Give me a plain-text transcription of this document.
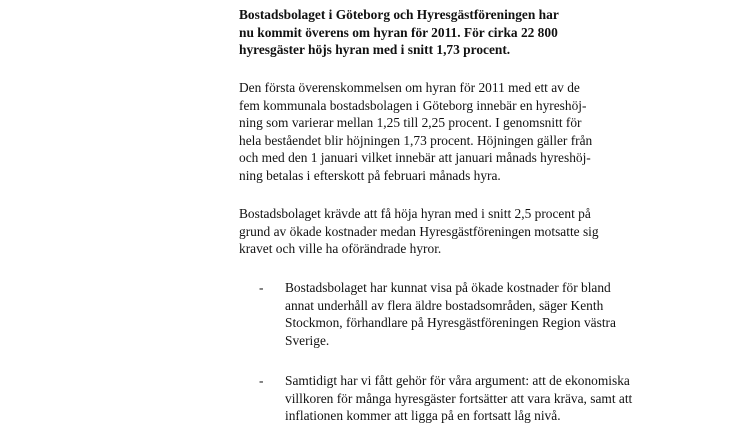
Bostadsbolaget i Göteborg och Hyresgästföreningen har
nu kommit överens om hyran för 2011. För cirka 22 800
hyresgäster höjs hyran med i snitt 1,73 procent.
Den första överenskommelsen om hyran för 2011 med ett av de
fem kommunala bostadsbolagen i Göteborg innebär en hyreshöj-
ning som varierar mellan 1,25 till 2,25 procent. I genomsnitt för
hela beståendet blir höjningen 1,73 procent. Höjningen gäller från
och med den 1 januari vilket innebär att januari månads hyreshöj-
ning betalas i efterskott på februari månads hyra.
Bostadsbolaget krävde att få höja hyran med i snitt 2,5 procent på
grund av ökade kostnader medan Hyresgästföreningen motsatte sig
kravet och ville ha oförändrade hyror.
- Bostadsbolaget har kunnat visa på ökade kostnader för bland
annat underhåll av flera äldre bostadsområden, säger Kenth
Stockmon, förhandlare på Hyresgästföreningen Region västra
Sverige.
- Samtidigt har vi fått gehör för våra argument: att de ekonomiska
villkoren för många hyresgäster fortsätter att vara kräva, samt att
inflationen kommer att ligga på en fortsatt låg nivå.
